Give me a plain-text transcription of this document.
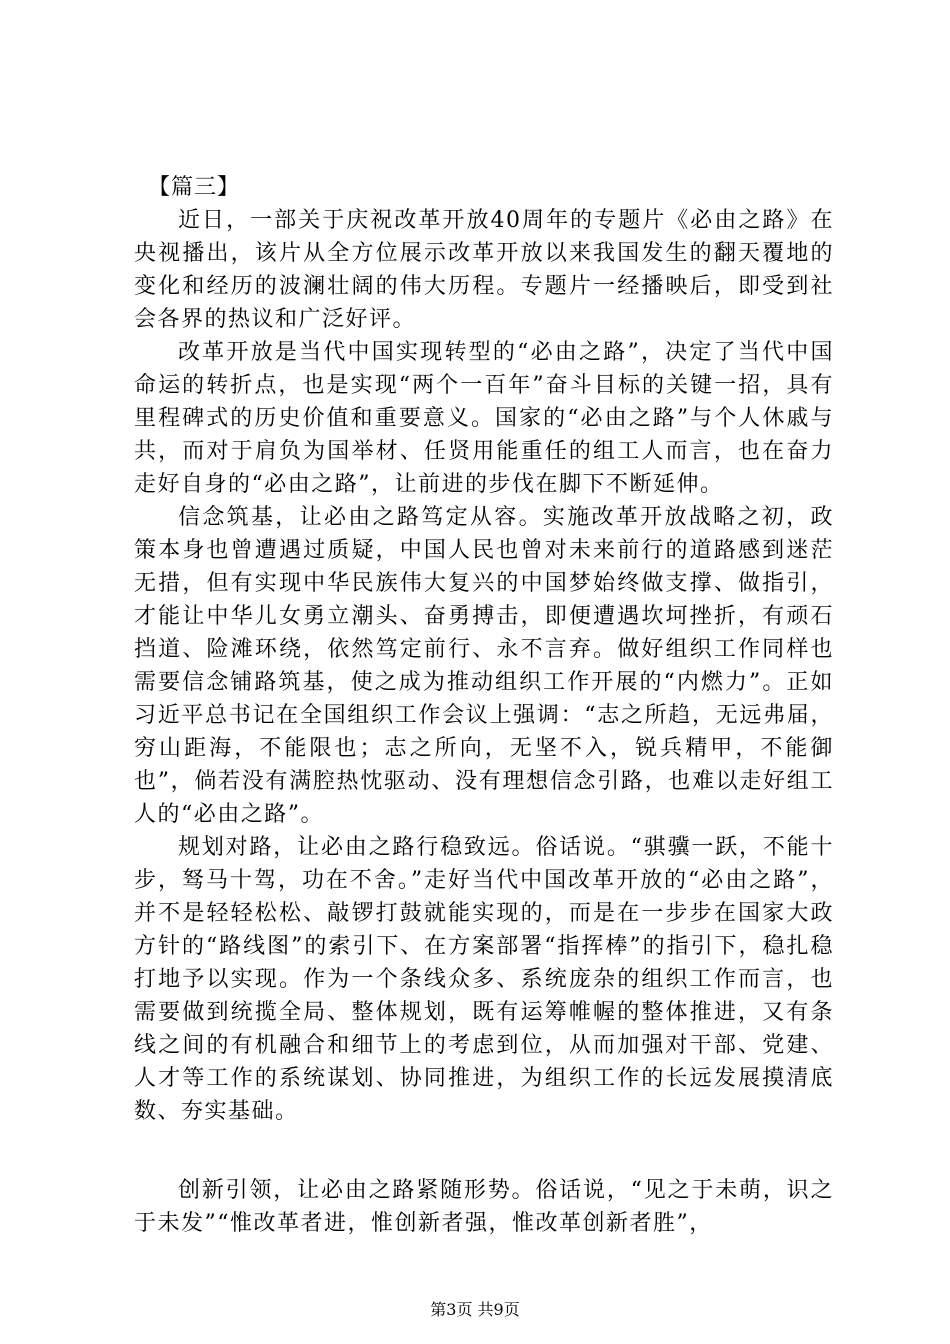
【篇三】

近日，一部关于庆祝改革开放40周年的专题片《必由之路》在央视播出，该片从全方位展示改革开放以来我国发生的翻天覆地的变化和经历的波澜壮阔的伟大历程。专题片一经播映后，即受到社会各界的热议和广泛好评。

改革开放是当代中国实现转型的“必由之路”，决定了当代中国命运的转折点，也是实现“两个一百年”奋斗目标的关键一招，具有里程碑式的历史价值和重要意义。国家的“必由之路”与个人休戚与共，而对于肩负为国举材、任贤用能重任的组工人而言，也在奋力走好自身的“必由之路”，让前进的步伐在脚下不断延伸。

信念筑基，让必由之路笃定从容。实施改革开放战略之初，政策本身也曾遭遇过质疑，中国人民也曾对未来前行的道路感到迷茫无措，但有实现中华民族伟大复兴的中国梦始终做支撑、做指引，才能让中华儿女勇立潮头、奋勇搏击，即便遭遇坎坷挫折，有顽石挡道、险滩环绕，依然笃定前行、永不言弃。做好组织工作同样也需要信念铺路筑基，使之成为推动组织工作开展的“内燃力”。正如习近平总书记在全国组织工作会议上强调：“志之所趋，无远弗届，穷山距海，不能限也；志之所向，无坚不入，锐兵精甲，不能御也”，倘若没有满腔热忱驱动、没有理想信念引路，也难以走好组工人的“必由之路”。

规划对路，让必由之路行稳致远。俗话说。“骐骥一跃，不能十步，驽马十驾，功在不舍。”走好当代中国改革开放的“必由之路”，并不是轻轻松松、敲锣打鼓就能实现的，而是在一步步在国家大政方针的“路线图”的索引下、在方案部署“指挥棒”的指引下，稳扎稳打地予以实现。作为一个条线众多、系统庞杂的组织工作而言，也需要做到统揽全局、整体规划，既有运筹帷幄的整体推进，又有条线之间的有机融合和细节上的考虑到位，从而加强对干部、党建、人才等工作的系统谋划、协同推进，为组织工作的长远发展摸清底数、夯实基础。

创新引领，让必由之路紧随形势。俗话说，“见之于未萌，识之于未发”“惟改革者进，惟创新者强，惟改革创新者胜”，

第3页 共9页
